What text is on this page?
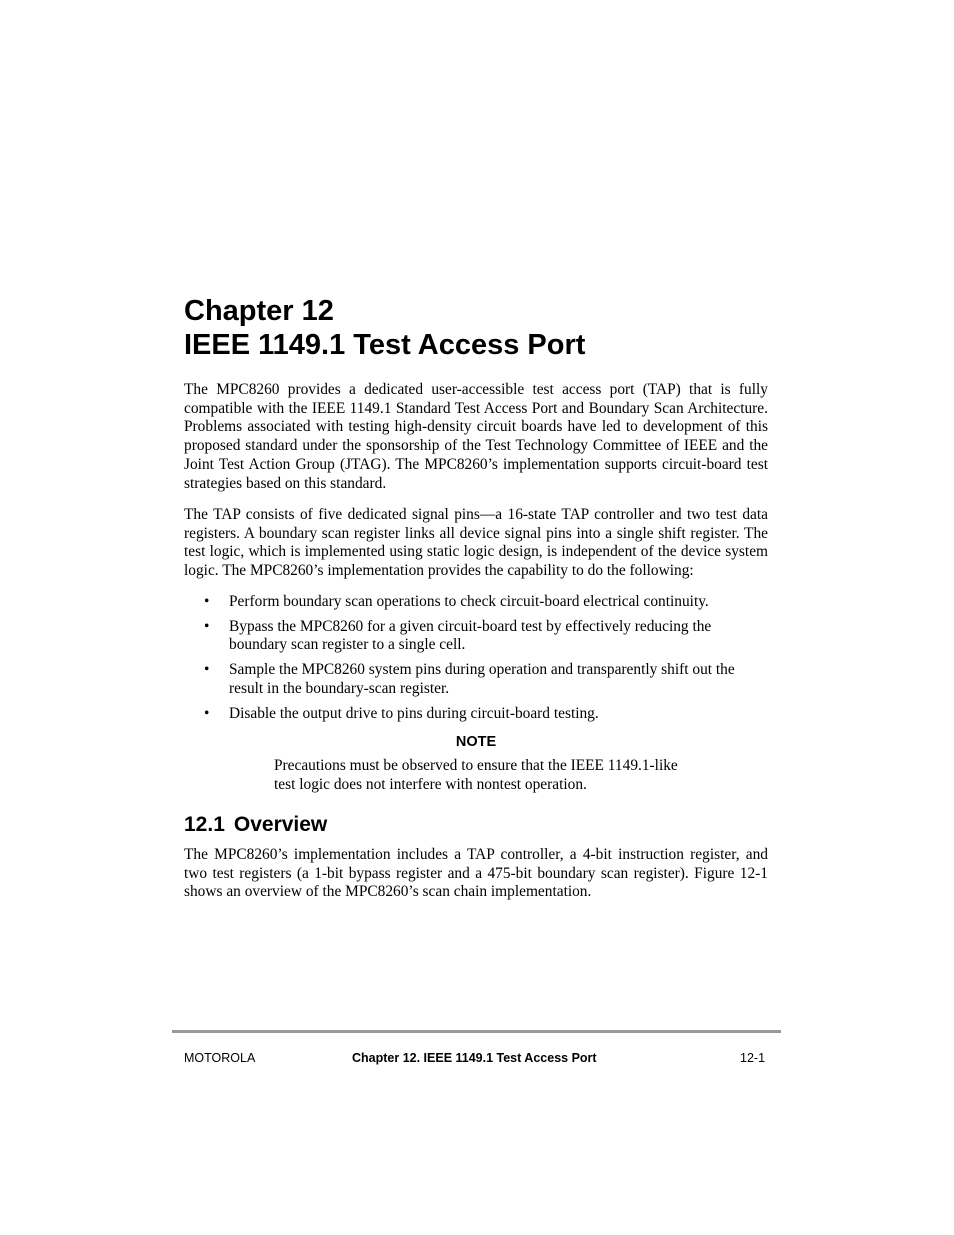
Chapter 12
IEEE 1149.1 Test Access Port

The MPC8260 provides a dedicated user-accessible test access port (TAP) that is fully compatible with the IEEE 1149.1 Standard Test Access Port and Boundary Scan Architecture. Problems associated with testing high-density circuit boards have led to development of this proposed standard under the sponsorship of the Test Technology Committee of IEEE and the Joint Test Action Group (JTAG). The MPC8260’s implementation supports circuit-board test strategies based on this standard.

The TAP consists of five dedicated signal pins—a 16-state TAP controller and two test data registers. A boundary scan register links all device signal pins into a single shift register. The test logic, which is implemented using static logic design, is independent of the device system logic. The MPC8260’s implementation provides the capability to do the following:

• Perform boundary scan operations to check circuit-board electrical continuity.
• Bypass the MPC8260 for a given circuit-board test by effectively reducing the boundary scan register to a single cell.
• Sample the MPC8260 system pins during operation and transparently shift out the result in the boundary-scan register.
• Disable the output drive to pins during circuit-board testing.
NOTE

Precautions must be observed to ensure that the IEEE 1149.1-like test logic does not interfere with nontest operation.

12.1 Overview

The MPC8260’s implementation includes a TAP controller, a 4-bit instruction register, and two test registers (a 1-bit bypass register and a 475-bit boundary scan register). Figure 12-1 shows an overview of the MPC8260’s scan chain implementation.

MOTOROLA	Chapter 12. IEEE 1149.1 Test Access Port	12-1
